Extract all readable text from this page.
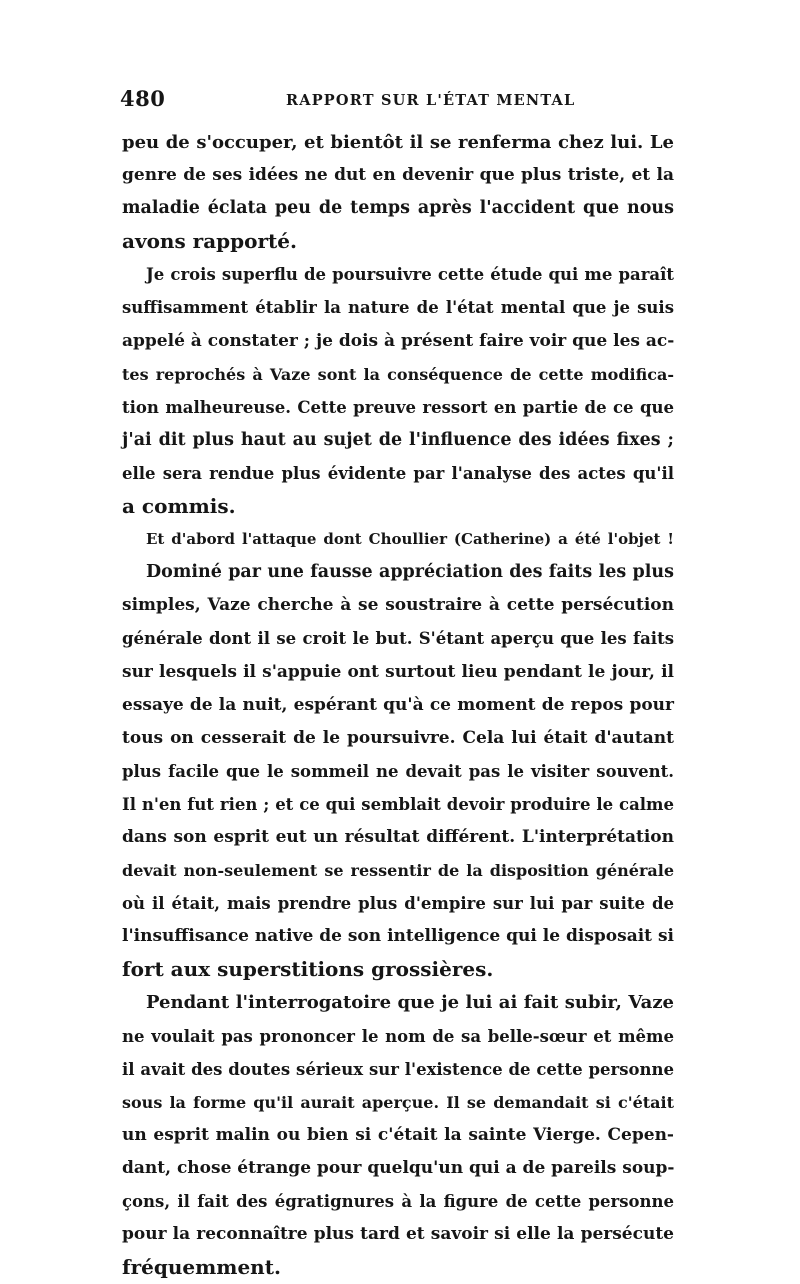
480	RAPPORT SUR L'ÉTAT MENTAL
peu de s'occuper, et bientôt il se renferma chez lui. Le
genre de ses idées ne dut en devenir que plus triste, et la
maladie éclata peu de temps après l'accident que nous
avons rapporté.
Je crois superflu de poursuivre cette étude qui me paraît
suffisamment établir la nature de l'état mental que je suis
appelé à constater ; je dois à présent faire voir que les ac-
tes reprochés à Vaze sont la conséquence de cette modifica-
tion malheureuse. Cette preuve ressort en partie de ce que
j'ai dit plus haut au sujet de l'influence des idées fixes ;
elle sera rendue plus évidente par l'analyse des actes qu'il
a commis.
Et d'abord l'attaque dont Choullier (Catherine) a été l'objet !
Dominé par une fausse appréciation des faits les plus
simples, Vaze cherche à se soustraire à cette persécution
générale dont il se croit le but. S'étant aperçu que les faits
sur lesquels il s'appuie ont surtout lieu pendant le jour, il
essaye de la nuit, espérant qu'à ce moment de repos pour
tous on cesserait de le poursuivre. Cela lui était d'autant
plus facile que le sommeil ne devait pas le visiter souvent.
Il n'en fut rien ; et ce qui semblait devoir produire le calme
dans son esprit eut un résultat différent. L'interprétation
devait non-seulement se ressentir de la disposition générale
où il était, mais prendre plus d'empire sur lui par suite de
l'insuffisance native de son intelligence qui le disposait si
fort aux superstitions grossières.
Pendant l'interrogatoire que je lui ai fait subir, Vaze
ne voulait pas prononcer le nom de sa belle-sœur et même
il avait des doutes sérieux sur l'existence de cette personne
sous la forme qu'il aurait aperçue. Il se demandait si c'était
un esprit malin ou bien si c'était la sainte Vierge. Cepen-
dant, chose étrange pour quelqu'un qui a de pareils soup-
çons, il fait des égratignures à la figure de cette personne
pour la reconnaître plus tard et savoir si elle la persécute
fréquemment.
